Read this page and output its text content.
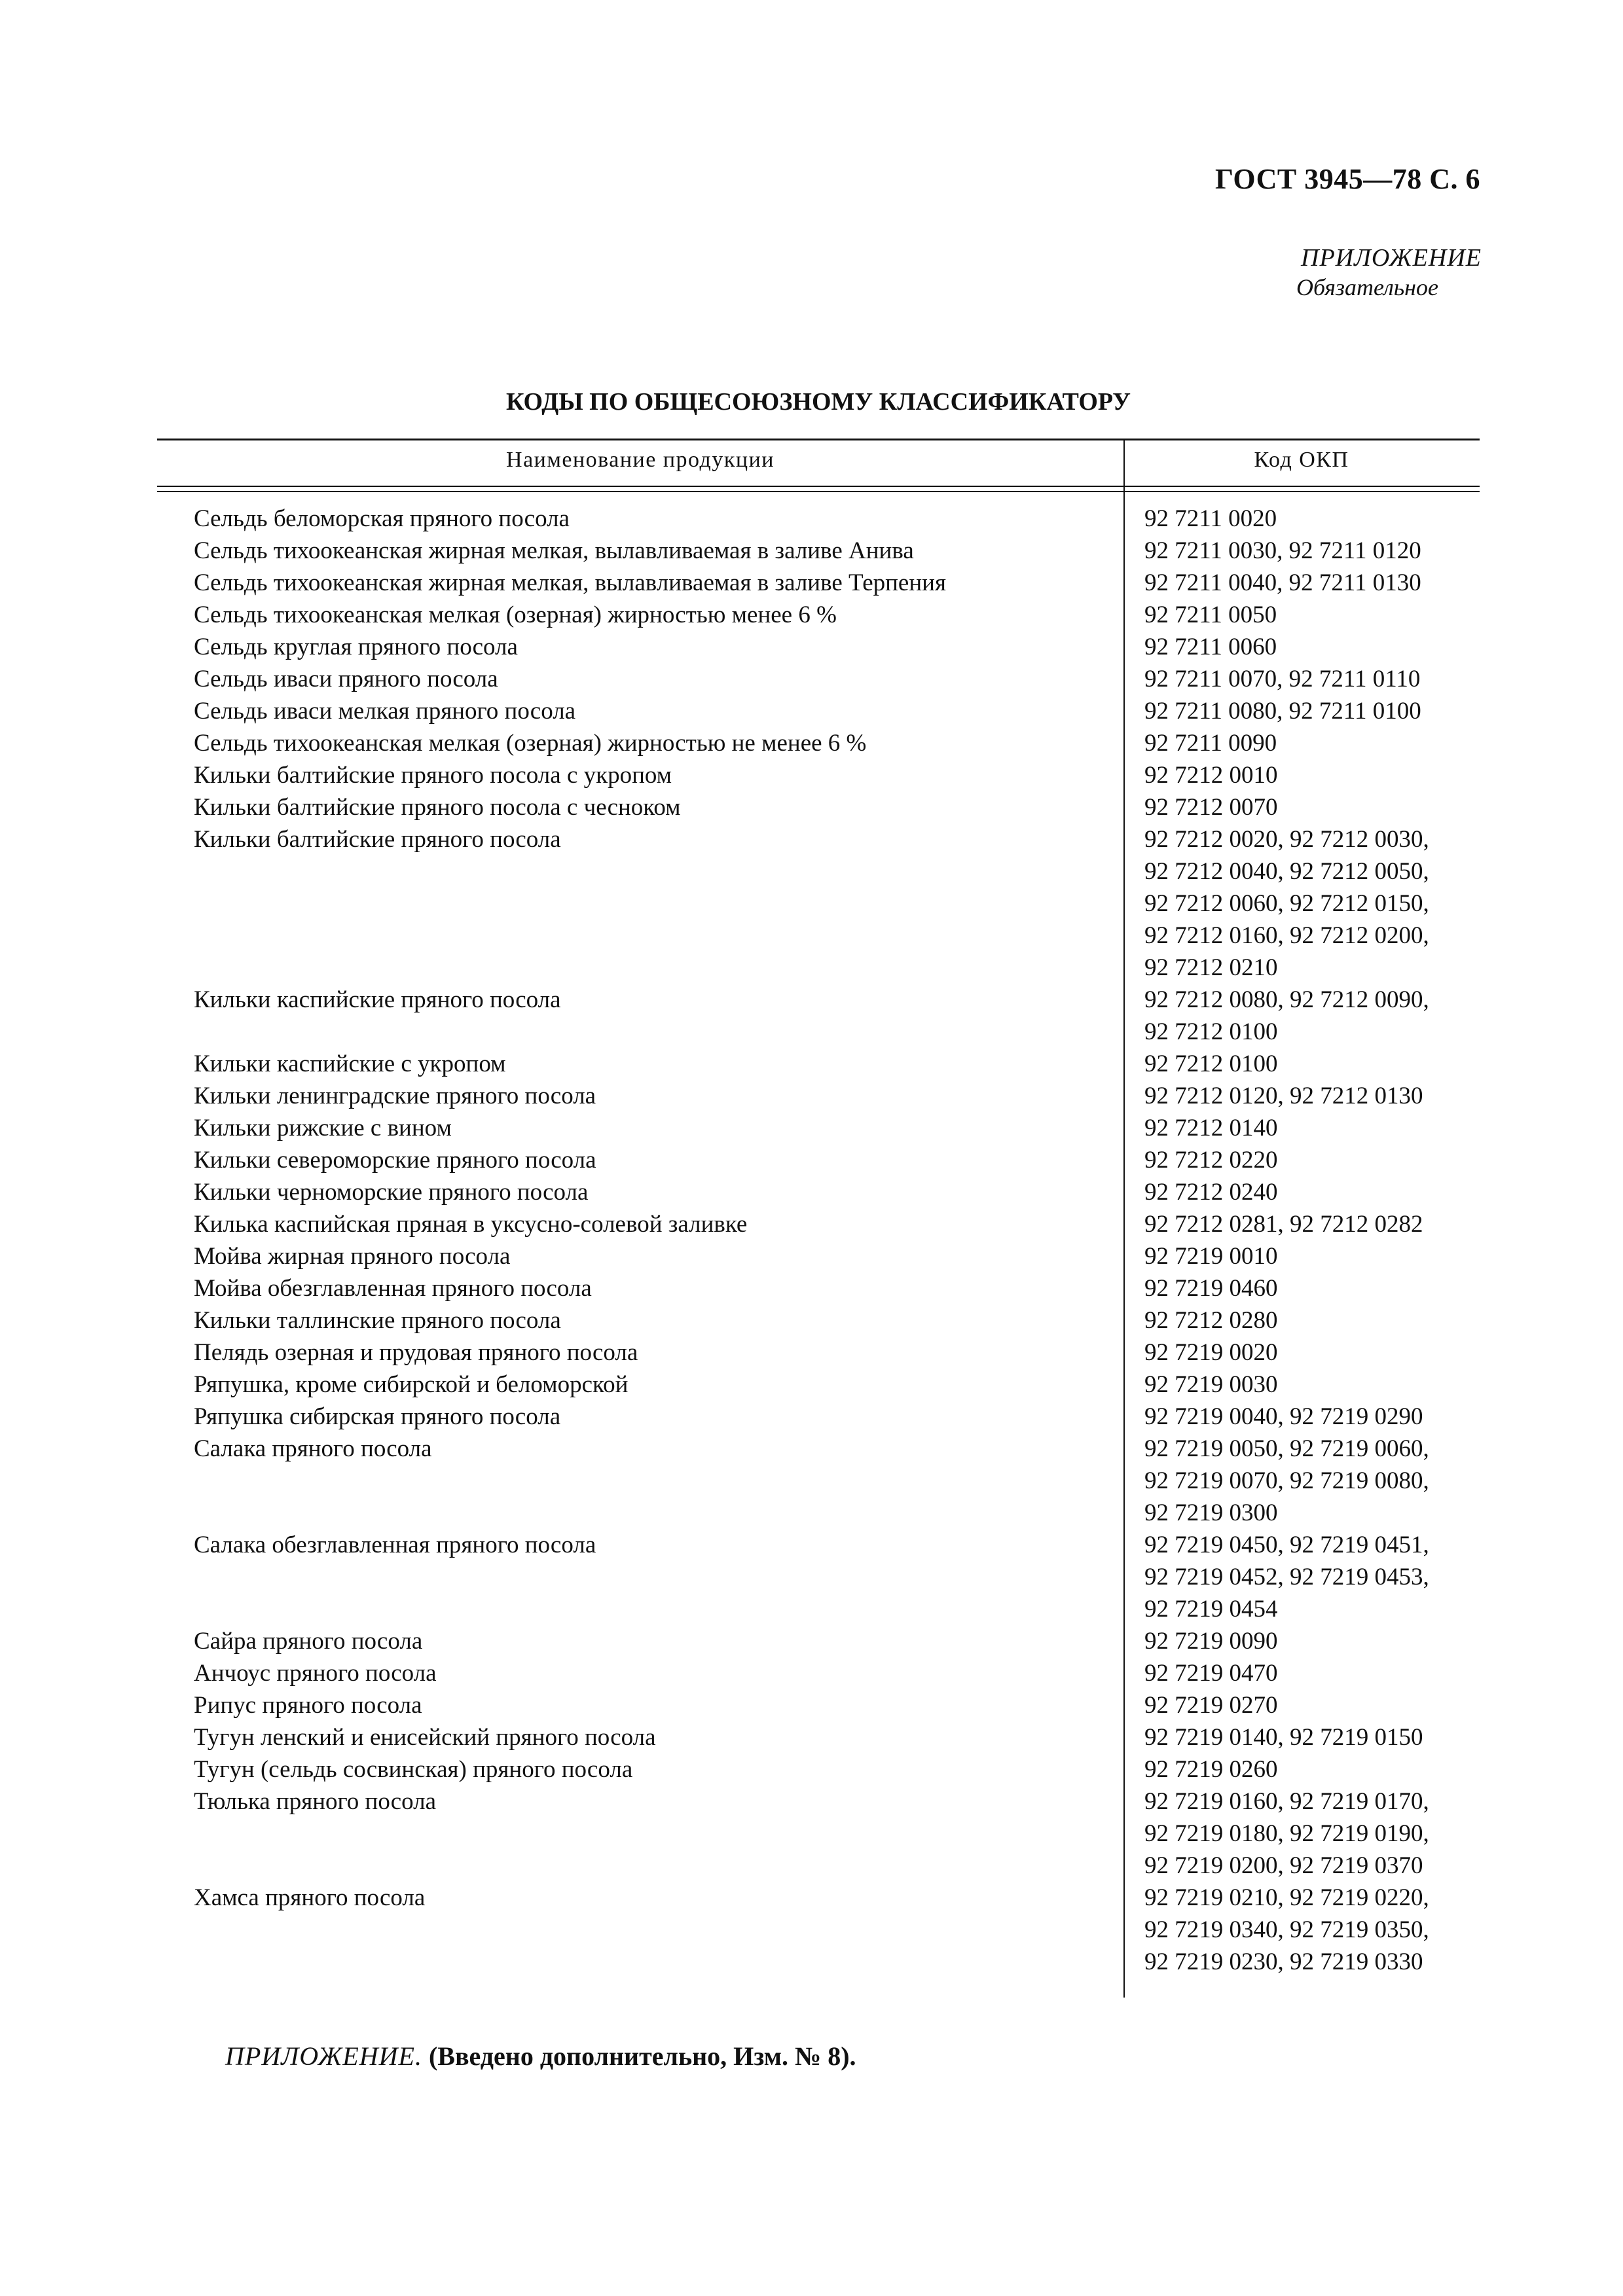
ГОСТ 3945—78 С. 6
ПРИЛОЖЕНИЕ
Обязательное
КОДЫ ПО ОБЩЕСОЮЗНОМУ КЛАССИФИКАТОРУ
Наименование продукции	Код ОКП
Сельдь беломорская пряного посола	92 7211 0020
Сельдь тихоокеанская жирная мелкая, вылавливаемая в заливе Анива	92 7211 0030, 92 7211 0120
Сельдь тихоокеанская жирная мелкая, вылавливаемая в заливе Терпения	92 7211 0040, 92 7211 0130
Сельдь тихоокеанская мелкая (озерная) жирностью менее 6 %	92 7211 0050
Сельдь круглая пряного посола	92 7211 0060
Сельдь иваси пряного посола	92 7211 0070, 92 7211 0110
Сельдь иваси мелкая пряного посола	92 7211 0080, 92 7211 0100
Сельдь тихоокеанская мелкая (озерная) жирностью не менее 6 %	92 7211 0090
Кильки балтийские пряного посола с укропом	92 7212 0010
Кильки балтийские пряного посола с чесноком	92 7212 0070
Кильки балтийские пряного посола	92 7212 0020, 92 7212 0030,
92 7212 0040, 92 7212 0050,
92 7212 0060, 92 7212 0150,
92 7212 0160, 92 7212 0200,
92 7212 0210
Кильки каспийские пряного посола	92 7212 0080, 92 7212 0090,
92 7212 0100
Кильки каспийские с укропом	92 7212 0100
Кильки ленинградские пряного посола	92 7212 0120, 92 7212 0130
Кильки рижские с вином	92 7212 0140
Кильки североморские пряного посола	92 7212 0220
Кильки черноморские пряного посола	92 7212 0240
Килька каспийская пряная в уксусно-солевой заливке	92 7212 0281, 92 7212 0282
Мойва жирная пряного посола	92 7219 0010
Мойва обезглавленная пряного посола	92 7219 0460
Кильки таллинские пряного посола	92 7212 0280
Пелядь озерная и прудовая пряного посола	92 7219 0020
Ряпушка, кроме сибирской и беломорской	92 7219 0030
Ряпушка сибирская пряного посола	92 7219 0040, 92 7219 0290
Салака пряного посола	92 7219 0050, 92 7219 0060,
92 7219 0070, 92 7219 0080,
92 7219 0300
Салака обезглавленная пряного посола	92 7219 0450, 92 7219 0451,
92 7219 0452, 92 7219 0453,
92 7219 0454
Сайра пряного посола	92 7219 0090
Анчоус пряного посола	92 7219 0470
Рипус пряного посола	92 7219 0270
Тугун ленский и енисейский пряного посола	92 7219 0140, 92 7219 0150
Тугун (сельдь сосвинская) пряного посола	92 7219 0260
Тюлька пряного посола	92 7219 0160, 92 7219 0170,
92 7219 0180, 92 7219 0190,
92 7219 0200, 92 7219 0370
Хамса пряного посола	92 7219 0210, 92 7219 0220,
92 7219 0340, 92 7219 0350,
92 7219 0230, 92 7219 0330
ПРИЛОЖЕНИЕ. (Введено дополнительно, Изм. № 8).
